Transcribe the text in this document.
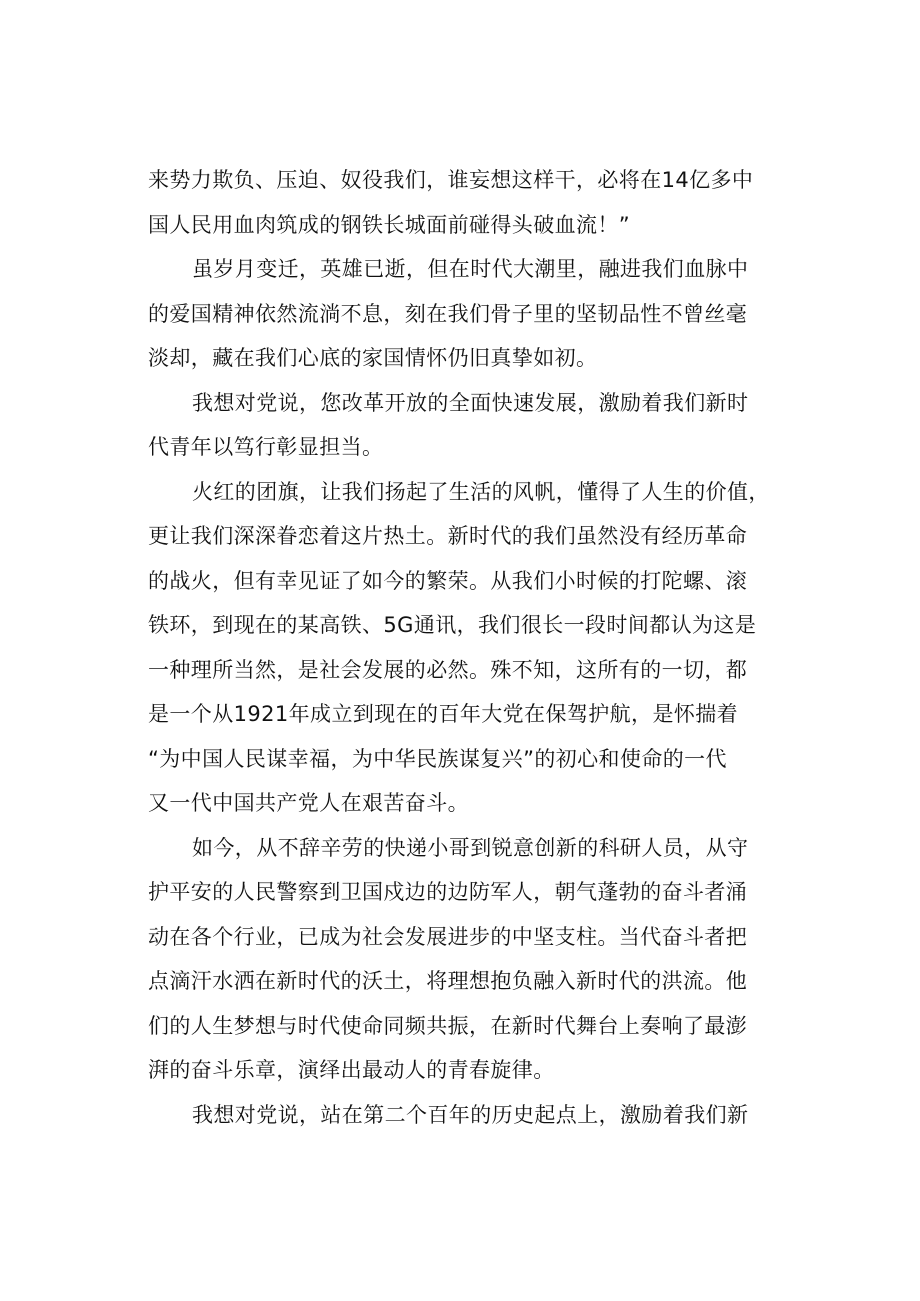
来势力欺负、压迫、奴役我们，谁妄想这样干，必将在14亿多中
国人民用血肉筑成的钢铁长城面前碰得头破血流！”
虽岁月变迁，英雄已逝，但在时代大潮里，融进我们血脉中
的爱国精神依然流淌不息，刻在我们骨子里的坚韧品性不曾丝毫
淡却，藏在我们心底的家国情怀仍旧真挚如初。
我想对党说，您改革开放的全面快速发展，激励着我们新时
代青年以笃行彰显担当。
火红的团旗，让我们扬起了生活的风帆，懂得了人生的价值，
更让我们深深眷恋着这片热土。新时代的我们虽然没有经历革命
的战火，但有幸见证了如今的繁荣。从我们小时候的打陀螺、滚
铁环，到现在的某高铁、5G通讯，我们很长一段时间都认为这是
一种理所当然，是社会发展的必然。殊不知，这所有的一切，都
是一个从1921年成立到现在的百年大党在保驾护航，是怀揣着
“为中国人民谋幸福，为中华民族谋复兴”的初心和使命的一代
又一代中国共产党人在艰苦奋斗。
如今，从不辞辛劳的快递小哥到锐意创新的科研人员，从守
护平安的人民警察到卫国戍边的边防军人，朝气蓬勃的奋斗者涌
动在各个行业，已成为社会发展进步的中坚支柱。当代奋斗者把
点滴汗水洒在新时代的沃土，将理想抱负融入新时代的洪流。他
们的人生梦想与时代使命同频共振，在新时代舞台上奏响了最澎
湃的奋斗乐章，演绎出最动人的青春旋律。
我想对党说，站在第二个百年的历史起点上，激励着我们新
